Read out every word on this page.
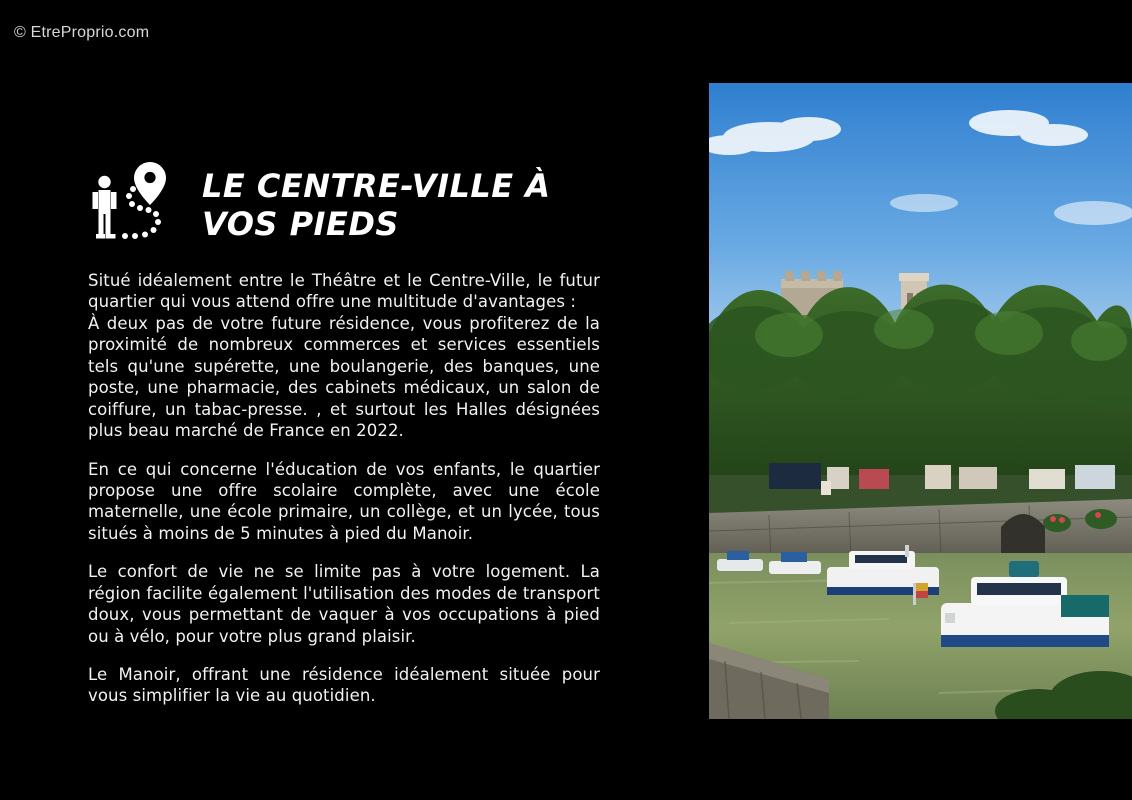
© EtreProprio.com
LE CENTRE-VILLE À
VOS PIEDS

Situé idéalement entre le Théâtre et le Centre-Ville, le futur quartier qui vous attend offre une multitude d'avantages :

À deux pas de votre future résidence, vous profiterez de la proximité de nombreux commerces et services essentiels tels qu'une supérette, une boulangerie, des banques, une poste, une pharmacie, des cabinets médicaux, un salon de coiffure, un tabac-presse. , et surtout les Halles désignées plus beau marché de France en 2022.

En ce qui concerne l'éducation de vos enfants, le quartier propose une offre scolaire complète, avec une école maternelle, une école primaire, un collège, et un lycée, tous situés à moins de 5 minutes à pied du Manoir.

Le confort de vie ne se limite pas à votre logement. La région facilite également l'utilisation des modes de transport doux, vous permettant de vaquer à vos occupations à pied ou à vélo, pour votre plus grand plaisir.

Le Manoir, offrant une résidence idéalement située pour vous simplifier la vie au quotidien.
